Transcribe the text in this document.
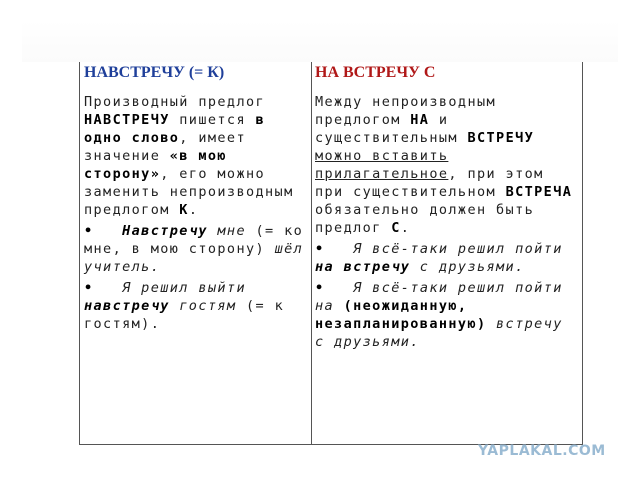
НАВСТРЕЧУ (= К)
Производный предлог
НАВСТРЕЧУ пишется в
одно слово, имеет
значение «в мою
сторону», его можно
заменить непроизводным
предлогом К.
•   Навстречу мне (= ко
мне, в мою сторону) шёл
учитель.
•   Я решил выйти
навстречу гостям (= к
гостям).
НА ВСТРЕЧУ С
Между непроизводным
предлогом НА и
существительным ВСТРЕЧУ
можно вставить
прилагательное, при этом
при существительном ВСТРЕЧА
обязательно должен быть
предлог С.
•   Я всё-таки решил пойти
на встречу с друзьями.
•   Я всё-таки решил пойти
на (неожиданную,
незапланированную) встречу
с друзьями.
YAPLAKAL.COM
